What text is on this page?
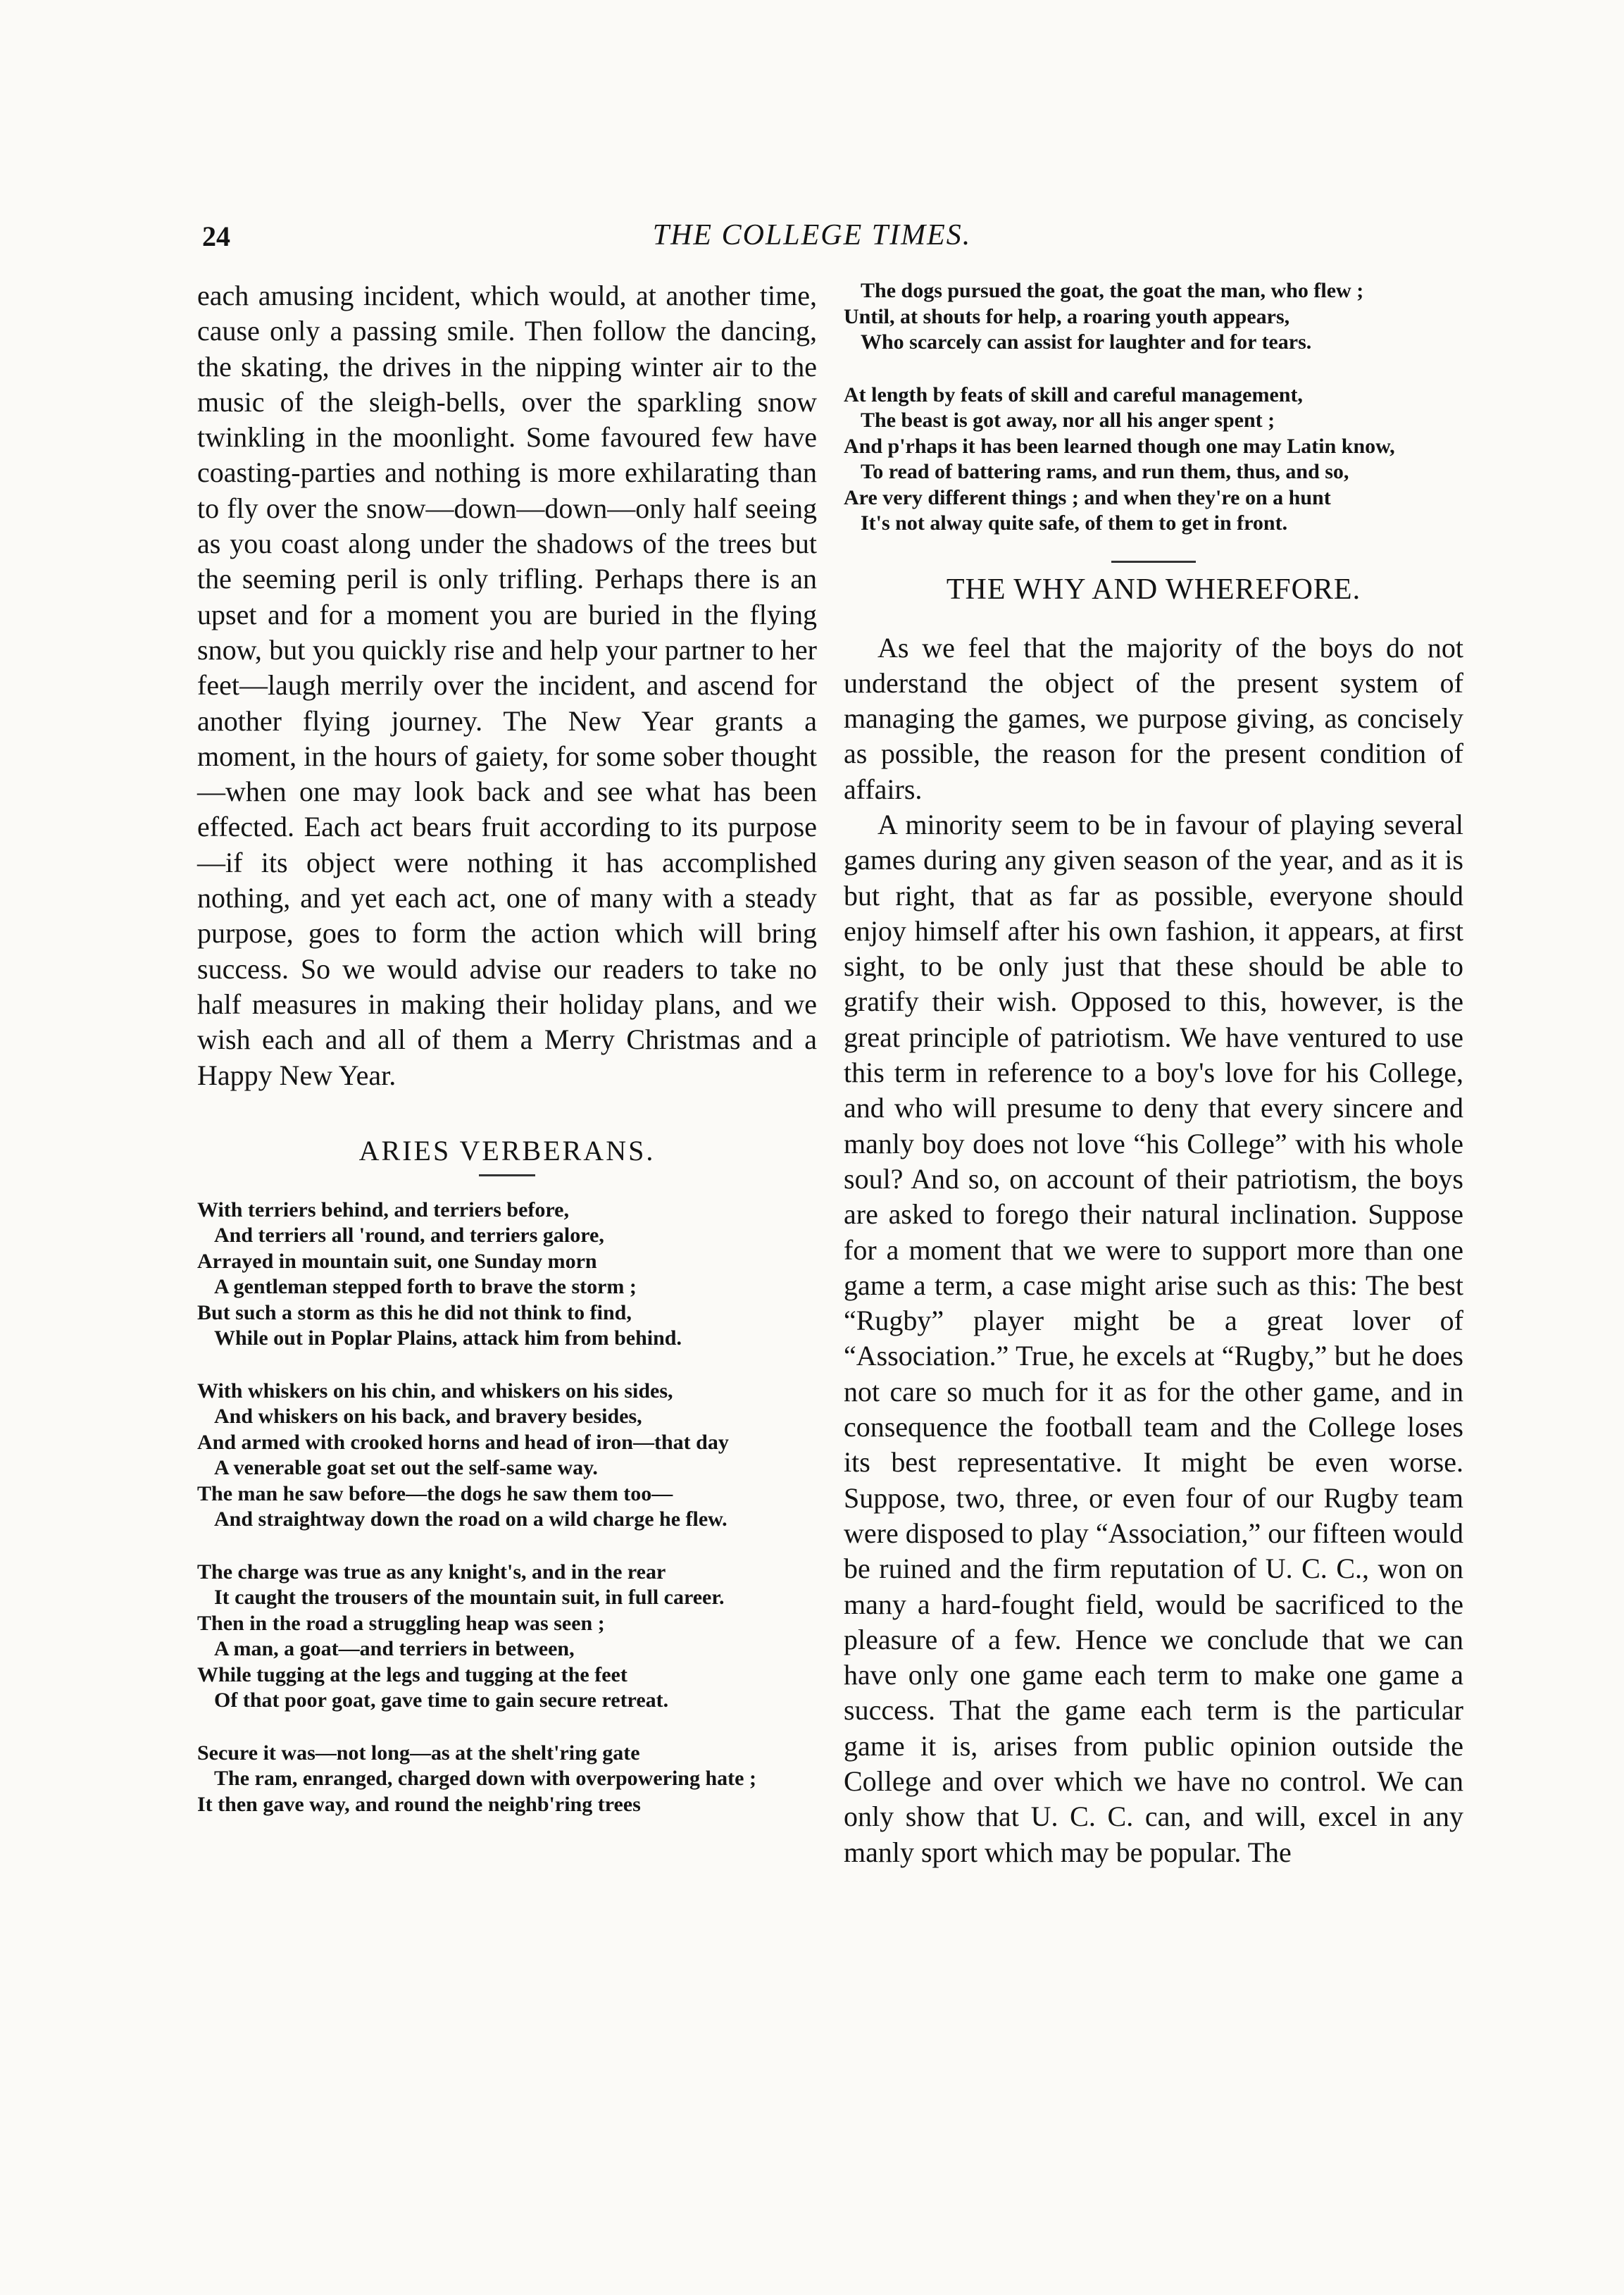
24	THE COLLEGE TIMES.

each amusing incident, which would, at another time, cause only a passing smile. Then follow the dancing, the skating, the drives in the nipping winter air to the music of the sleigh-bells, over the sparkling snow twinkling in the moonlight. Some favoured few have coasting-parties and nothing is more exhilarating than to fly over the snow—down—down—only half seeing as you coast along under the shadows of the trees but the seeming peril is only trifling. Perhaps there is an upset and for a moment you are buried in the flying snow, but you quickly rise and help your partner to her feet—laugh merrily over the incident, and ascend for another flying journey. The New Year grants a moment, in the hours of gaiety, for some sober thought—when one may look back and see what has been effected. Each act bears fruit according to its purpose—if its object were nothing it has accomplished nothing, and yet each act, one of many with a steady purpose, goes to form the action which will bring success. So we would advise our readers to take no half measures in making their holiday plans, and we wish each and all of them a Merry Christmas and a Happy New Year.

ARIES VERBERANS.
With terriers behind, and terriers before,
And terriers all 'round, and terriers galore,
Arrayed in mountain suit, one Sunday morn
A gentleman stepped forth to brave the storm ;
But such a storm as this he did not think to find,
While out in Poplar Plains, attack him from behind.
With whiskers on his chin, and whiskers on his sides,
And whiskers on his back, and bravery besides,
And armed with crooked horns and head of iron—that day
A venerable goat set out the self-same way.
The man he saw before—the dogs he saw them too—
And straightway down the road on a wild charge he flew.
The charge was true as any knight's, and in the rear
It caught the trousers of the mountain suit, in full career.
Then in the road a struggling heap was seen ;
A man, a goat—and terriers in between,
While tugging at the legs and tugging at the feet
Of that poor goat, gave time to gain secure retreat.
Secure it was—not long—as at the shelt'ring gate
The ram, enranged, charged down with overpowering hate ;
It then gave way, and round the neighb'ring trees
The dogs pursued the goat, the goat the man, who flew ;
Until, at shouts for help, a roaring youth appears,
Who scarcely can assist for laughter and for tears.
At length by feats of skill and careful management,
The beast is got away, nor all his anger spent ;
And p'rhaps it has been learned though one may Latin know,
To read of battering rams, and run them, thus, and so,
Are very different things ; and when they're on a hunt
It's not alway quite safe, of them to get in front.
THE WHY AND WHEREFORE.

As we feel that the majority of the boys do not understand the object of the present system of managing the games, we purpose giving, as concisely as possible, the reason for the present condition of affairs.

A minority seem to be in favour of playing several games during any given season of the year, and as it is but right, that as far as possible, everyone should enjoy himself after his own fashion, it appears, at first sight, to be only just that these should be able to gratify their wish. Opposed to this, however, is the great principle of patriotism. We have ventured to use this term in reference to a boy's love for his College, and who will presume to deny that every sincere and manly boy does not love “his College” with his whole soul? And so, on account of their patriotism, the boys are asked to forego their natural inclination. Suppose for a moment that we were to support more than one game a term, a case might arise such as this: The best “Rugby” player might be a great lover of “Association.” True, he excels at “Rugby,” but he does not care so much for it as for the other game, and in consequence the football team and the College loses its best representative. It might be even worse. Suppose, two, three, or even four of our Rugby team were disposed to play “Association,” our fifteen would be ruined and the firm reputation of U. C. C., won on many a hard-fought field, would be sacrificed to the pleasure of a few. Hence we conclude that we can have only one game each term to make one game a success. That the game each term is the particular game it is, arises from public opinion outside the College and over which we have no control. We can only show that U. C. C. can, and will, excel in any manly sport which may be popular. The
